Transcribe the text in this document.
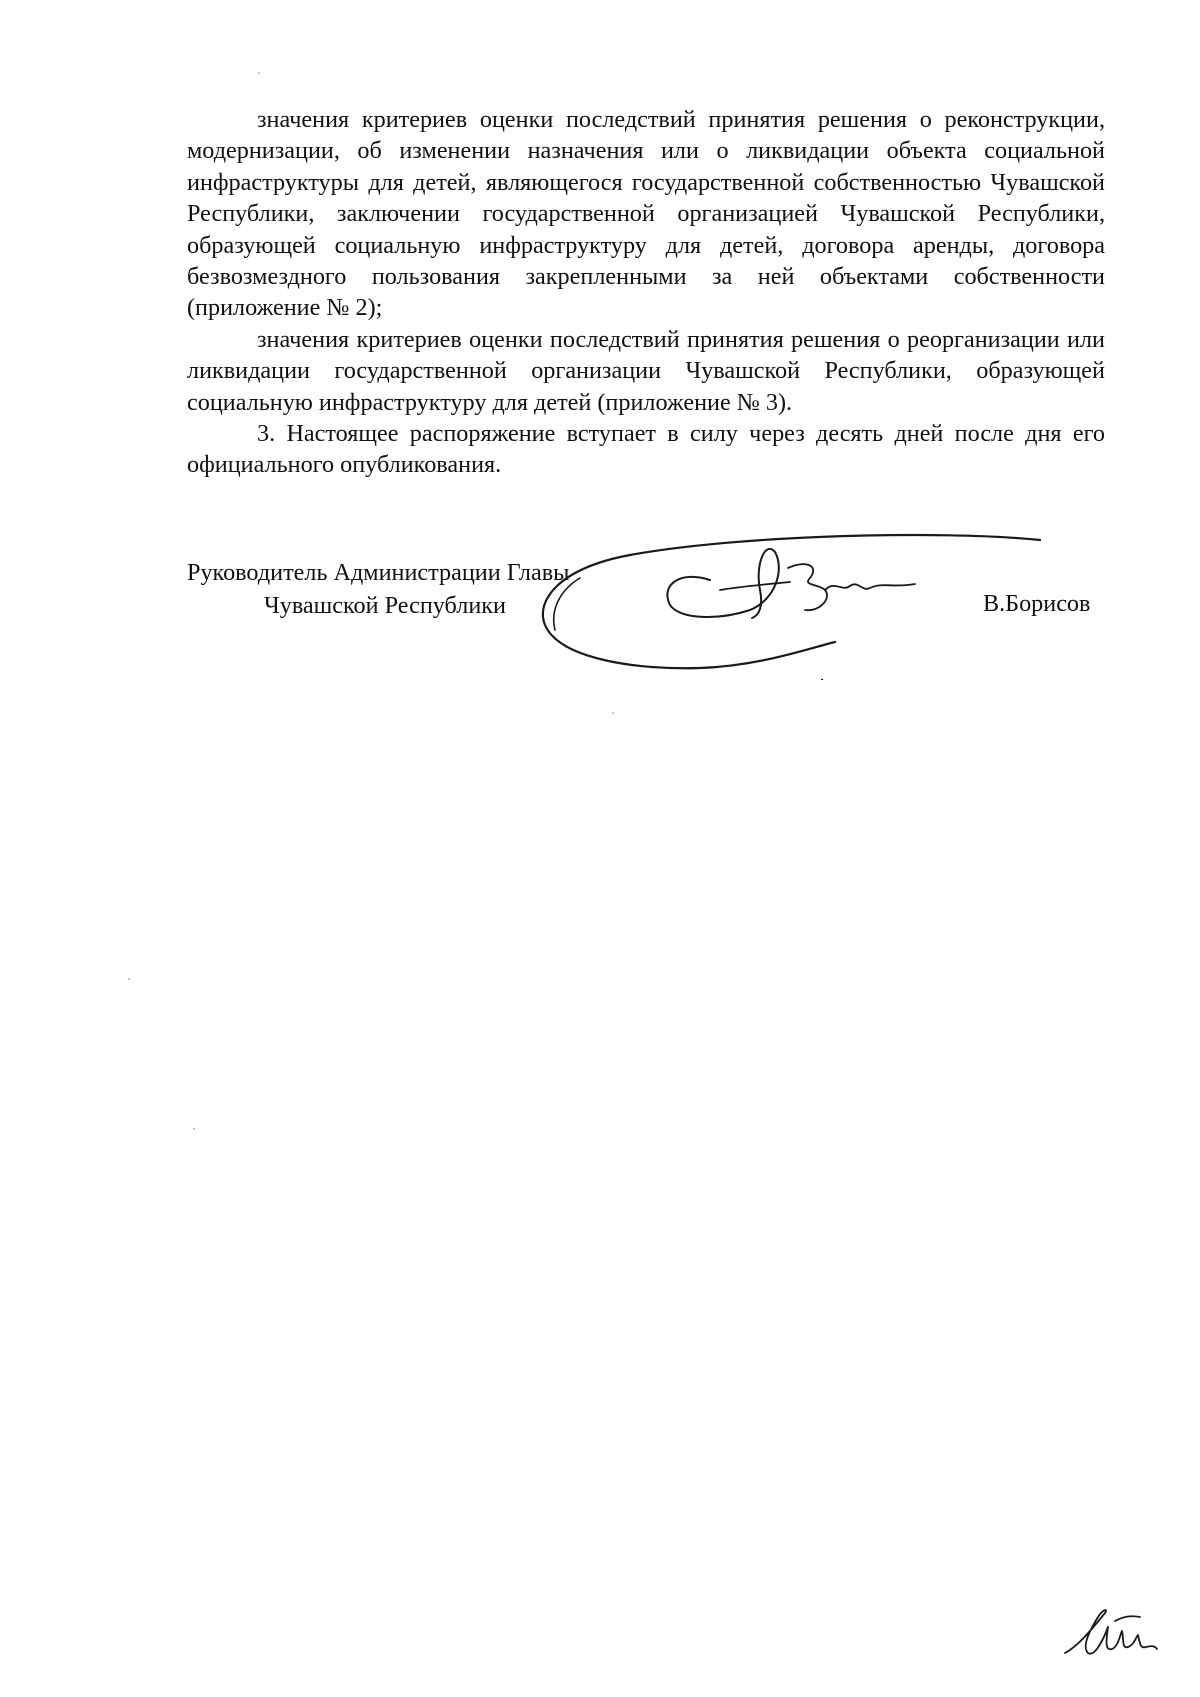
значения критериев оценки последствий принятия решения о реконструкции, модернизации, об изменении назначения или о ликвидации объекта социальной инфраструктуры для детей, являющегося государственной собственностью Чувашской Республики, заключении государственной организацией Чувашской Республики, образующей социальную инфраструктуру для детей, договора аренды, договора безвозмездного пользования закрепленными за ней объектами собственности (приложение № 2);

значения критериев оценки последствий принятия решения о реорганизации или ликвидации государственной организации Чувашской Республики, образующей социальную инфраструктуру для детей (приложение № 3).

3. Настоящее распоряжение вступает в силу через десять дней после дня его официального опубликования.

Руководитель Администрации Главы
Чувашской Республики	В.Борисов
